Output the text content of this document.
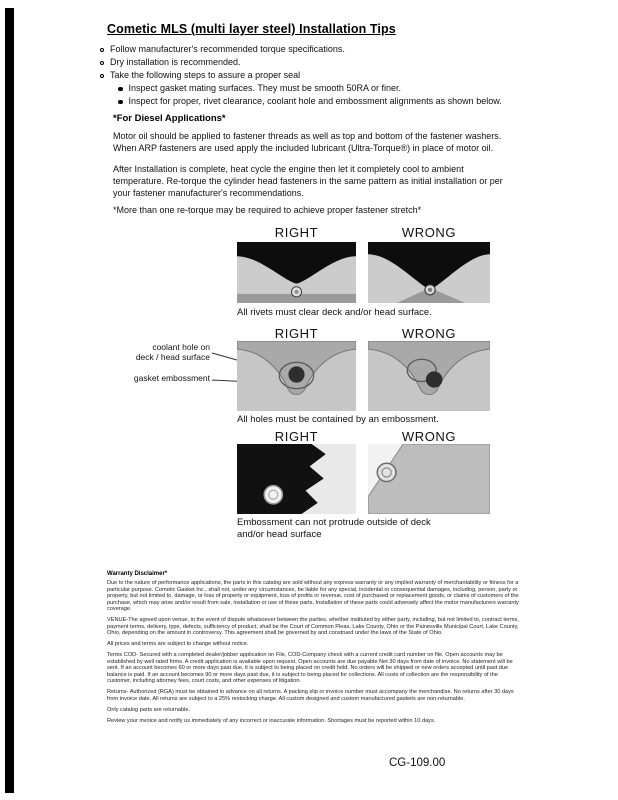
Cometic MLS (multi layer steel) Installation Tips
Follow manufacturer's recommended torque specifications.
Dry installation is recommended.
Take the following steps to assure a proper seal
Inspect gasket mating surfaces. They must be smooth 50RA or finer.
Inspect for proper, rivet clearance, coolant hole and embossment alignments as shown below.
*For Diesel Applications*
Motor oil should be applied to fastener threads as well as top and bottom of the fastener washers. When ARP fasteners are used apply the included lubricant (Ultra-Torque®) in place of motor oil.
After Installation is complete, heat cycle the engine then let it completely cool to ambient temperature. Re-torque the cylinder head fasteners in the same pattern as initial installation or per your fastener manufacturer's recommendations.
*More than one re-torque may be required to achieve proper fastener stretch*
RIGHT	WRONG
All rivets must clear deck and/or head surface.
RIGHT	WRONG
coolant hole on
deck / head surface
gasket embossment
All holes must be contained by an embossment.
RIGHT	WRONG
Embossment can not protrude outside of deck
and/or head surface
Warranty Disclaimer*

Due to the nature of performance applications, the parts in this catalog are sold without any express warranty or any implied warranty of merchantability or fitness for a particular purpose. Cometic Gasket Inc., shall not, under any circumstances, be liable for any special, incidental or consequential damages, including, person, party or property, but not limited to, damage, or loss of property or equipment, loss of profits or revenue, cost of purchased or replacement goods, or claims of customers of the purchase, which may arise and/or result from sale, installation or use of these parts. Installation of these parts could adversely affect the motor manufacturers warranty coverage.

VENUE-The agreed upon venue, in the event of dispute whatsoever between the parties, whether instituted by either party, including, but not limited to, contract terms, payment terms, delivery, type, defects, sufficiency of product, shall be the Court of Common Pleas, Lake County, Ohio or the Painesville Municipal Court, Lake County, Ohio, depending on the amount in controversy. This agreement shall be governed by and construed under the laws of the State of Ohio.

All prices and terms are subject to change without notice.

Terms COD- Secured with a completed dealer/jobber application on File, COD-Company check with a current credit card number on file. Open accounts may be established by well rated firms. A credit application is available upon request. Open accounts are due payable Net 30 days from date of invoice. No statement will be sent. If an account becomes 60 or more days past due, it is subject to being placed on credit hold. No orders will be shipped or new orders accepted until past due balance is paid. If an account becomes 90 or more days past due, it is subject to being placed for collections. All costs of collection are the responsibility of the customer, including attorney fees, court costs, and other expenses of litigation.

Returns- Authorized (RGA) must be obtained in advance on all returns. A packing slip or invoice number must accompany the merchandise. No returns after 30 days from invoice date. All returns are subject to a 25% restocking charge. All custom designed and custom manufactured gaskets are non-returnable.

Only catalog parts are returnable.

Review your invoice and notify us immediately of any incorrect or inaccurate information. Shortages must be reported within 10 days.

CG-109.00
